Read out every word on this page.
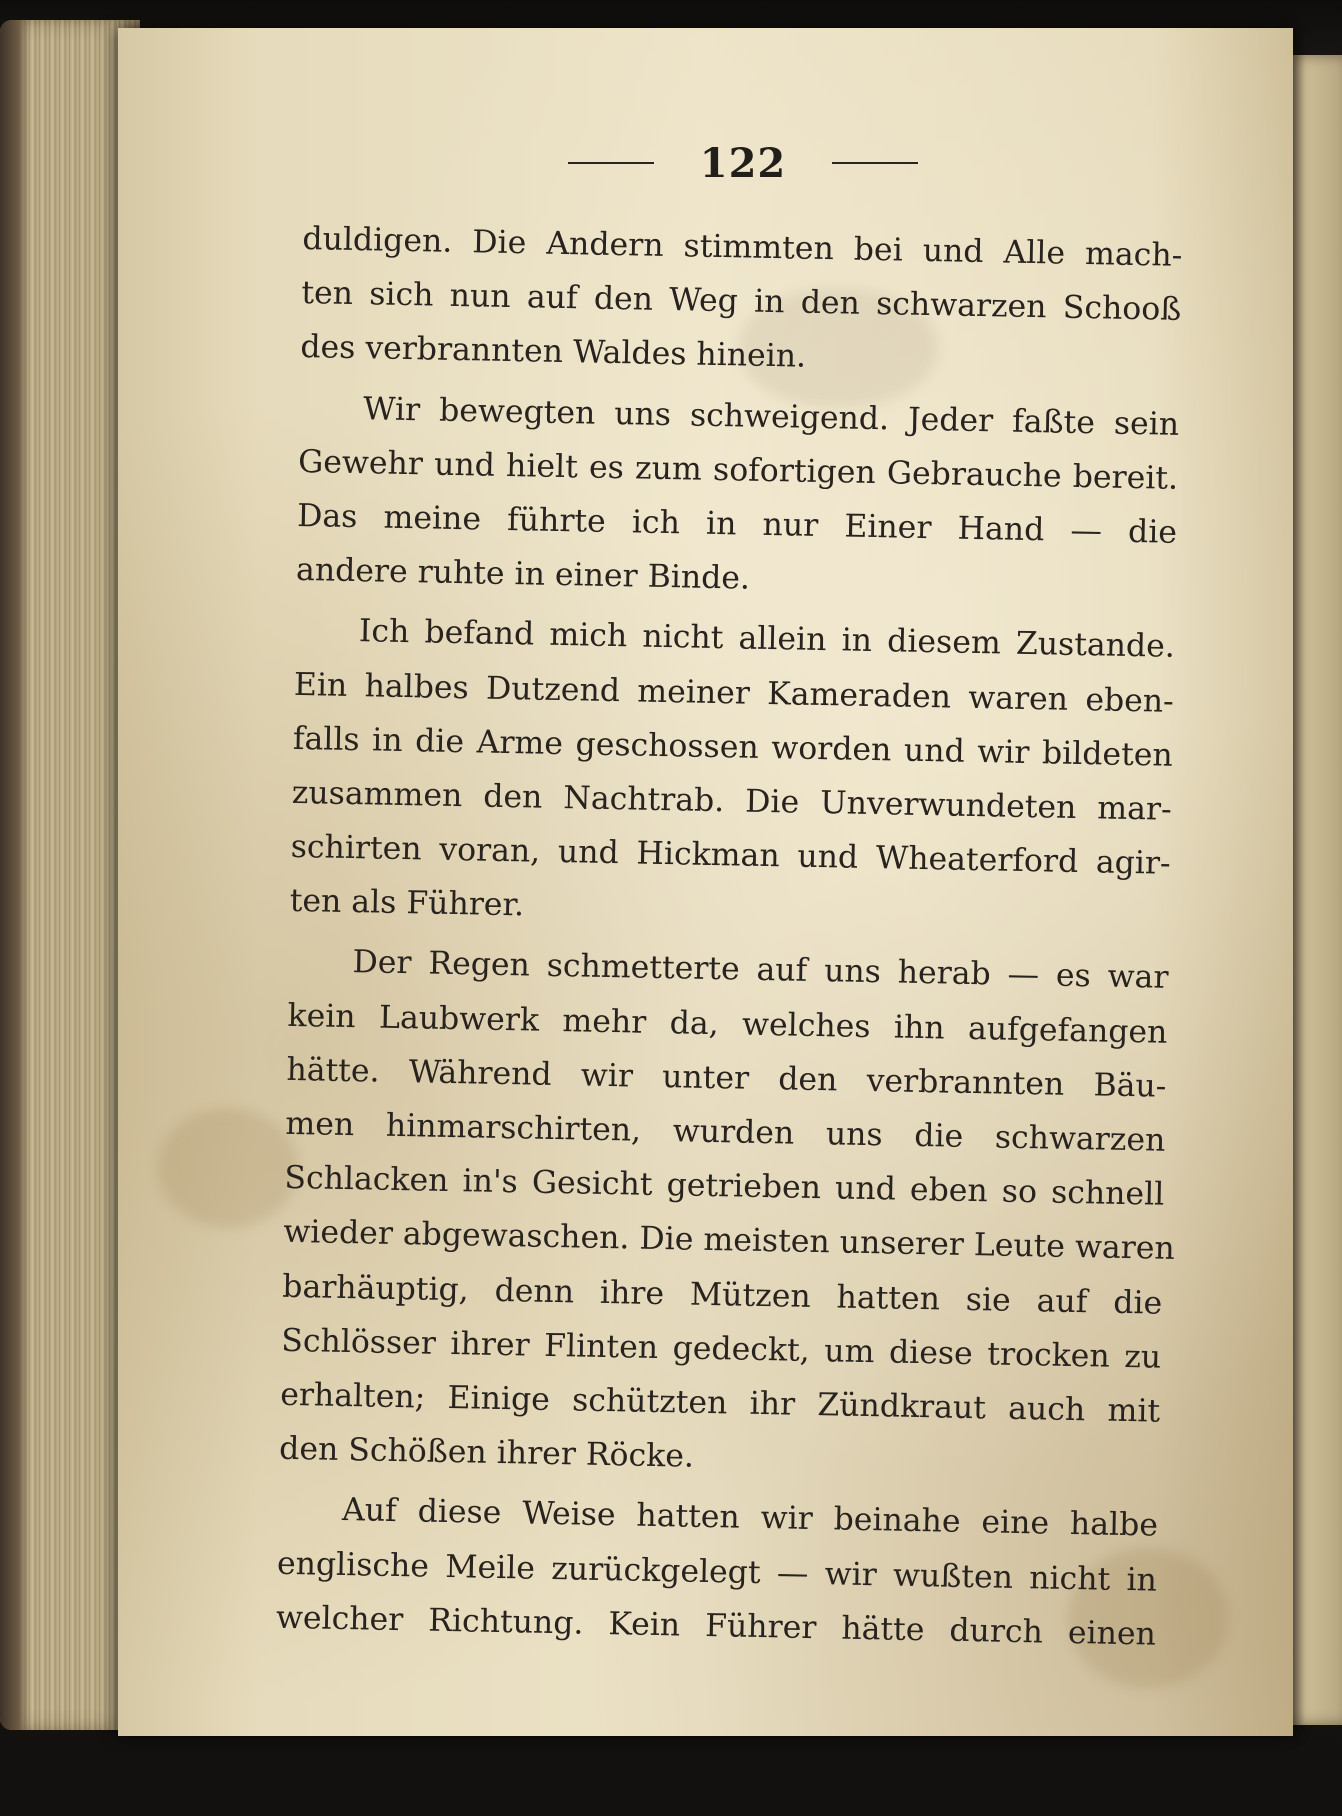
122
duldigen. Die Andern stimmten bei und Alle mach-
ten sich nun auf den Weg in den schwarzen Schooß
des verbrannten Waldes hinein.
Wir bewegten uns schweigend. Jeder faßte sein
Gewehr und hielt es zum sofortigen Gebrauche bereit.
Das meine führte ich in nur Einer Hand — die
andere ruhte in einer Binde.
Ich befand mich nicht allein in diesem Zustande.
Ein halbes Dutzend meiner Kameraden waren eben-
falls in die Arme geschossen worden und wir bildeten
zusammen den Nachtrab. Die Unverwundeten mar-
schirten voran, und Hickman und Wheaterford agir-
ten als Führer.
Der Regen schmetterte auf uns herab — es war
kein Laubwerk mehr da, welches ihn aufgefangen
hätte. Während wir unter den verbrannten Bäu-
men hinmarschirten, wurden uns die schwarzen
Schlacken in's Gesicht getrieben und eben so schnell
wieder abgewaschen. Die meisten unserer Leute waren
barhäuptig, denn ihre Mützen hatten sie auf die
Schlösser ihrer Flinten gedeckt, um diese trocken zu
erhalten; Einige schützten ihr Zündkraut auch mit
den Schößen ihrer Röcke.
Auf diese Weise hatten wir beinahe eine halbe
englische Meile zurückgelegt — wir wußten nicht in
welcher Richtung. Kein Führer hätte durch einen
